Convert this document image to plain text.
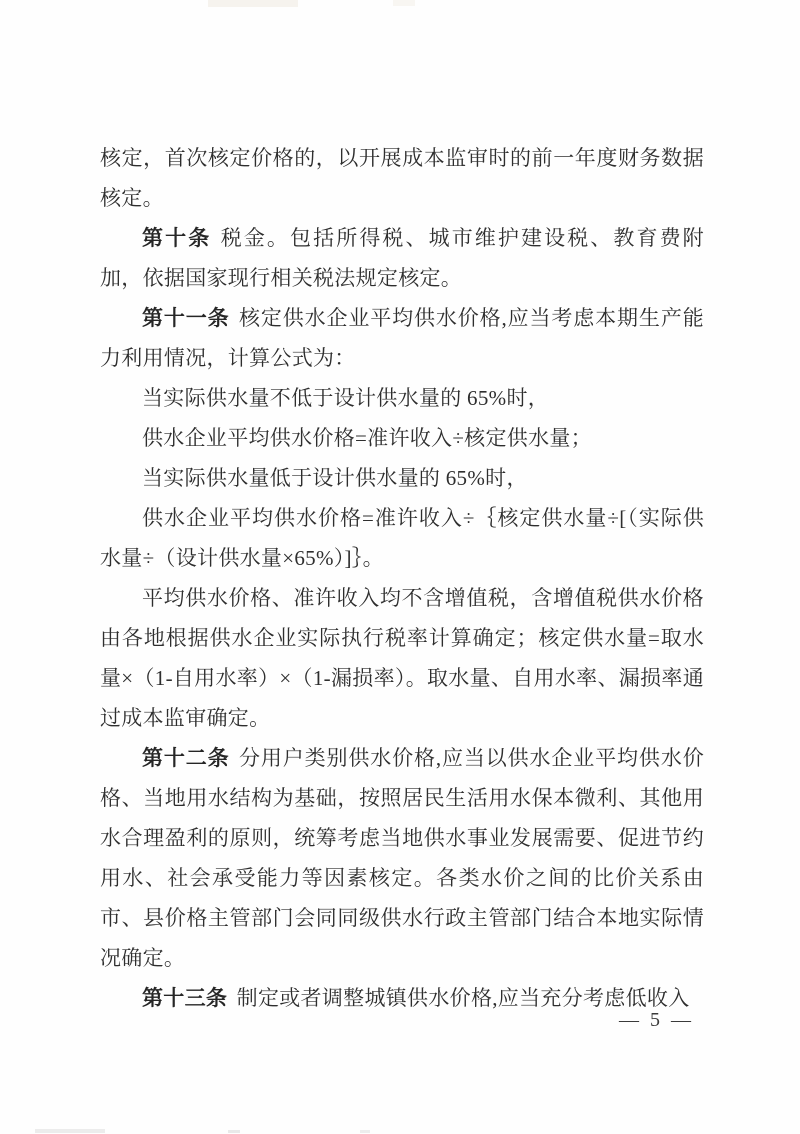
核定，首次核定价格的，以开展成本监审时的前一年度财务数据核定。

第十条 税金。包括所得税、城市维护建设税、教育费附加，依据国家现行相关税法规定核定。

第十一条 核定供水企业平均供水价格,应当考虑本期生产能力利用情况，计算公式为：

当实际供水量不低于设计供水量的 65%时，

供水企业平均供水价格=准许收入÷核定供水量；

当实际供水量低于设计供水量的 65%时，

供水企业平均供水价格=准许收入÷｛核定供水量÷[（实际供水量÷（设计供水量×65%）]｝。

平均供水价格、准许收入均不含增值税，含增值税供水价格由各地根据供水企业实际执行税率计算确定；核定供水量=取水量×（1-自用水率）×（1-漏损率）。取水量、自用水率、漏损率通过成本监审确定。

第十二条 分用户类别供水价格,应当以供水企业平均供水价格、当地用水结构为基础，按照居民生活用水保本微利、其他用水合理盈利的原则，统筹考虑当地供水事业发展需要、促进节约用水、社会承受能力等因素核定。各类水价之间的比价关系由市、县价格主管部门会同同级供水行政主管部门结合本地实际情况确定。

第十三条 制定或者调整城镇供水价格,应当充分考虑低收入

— 5 —
